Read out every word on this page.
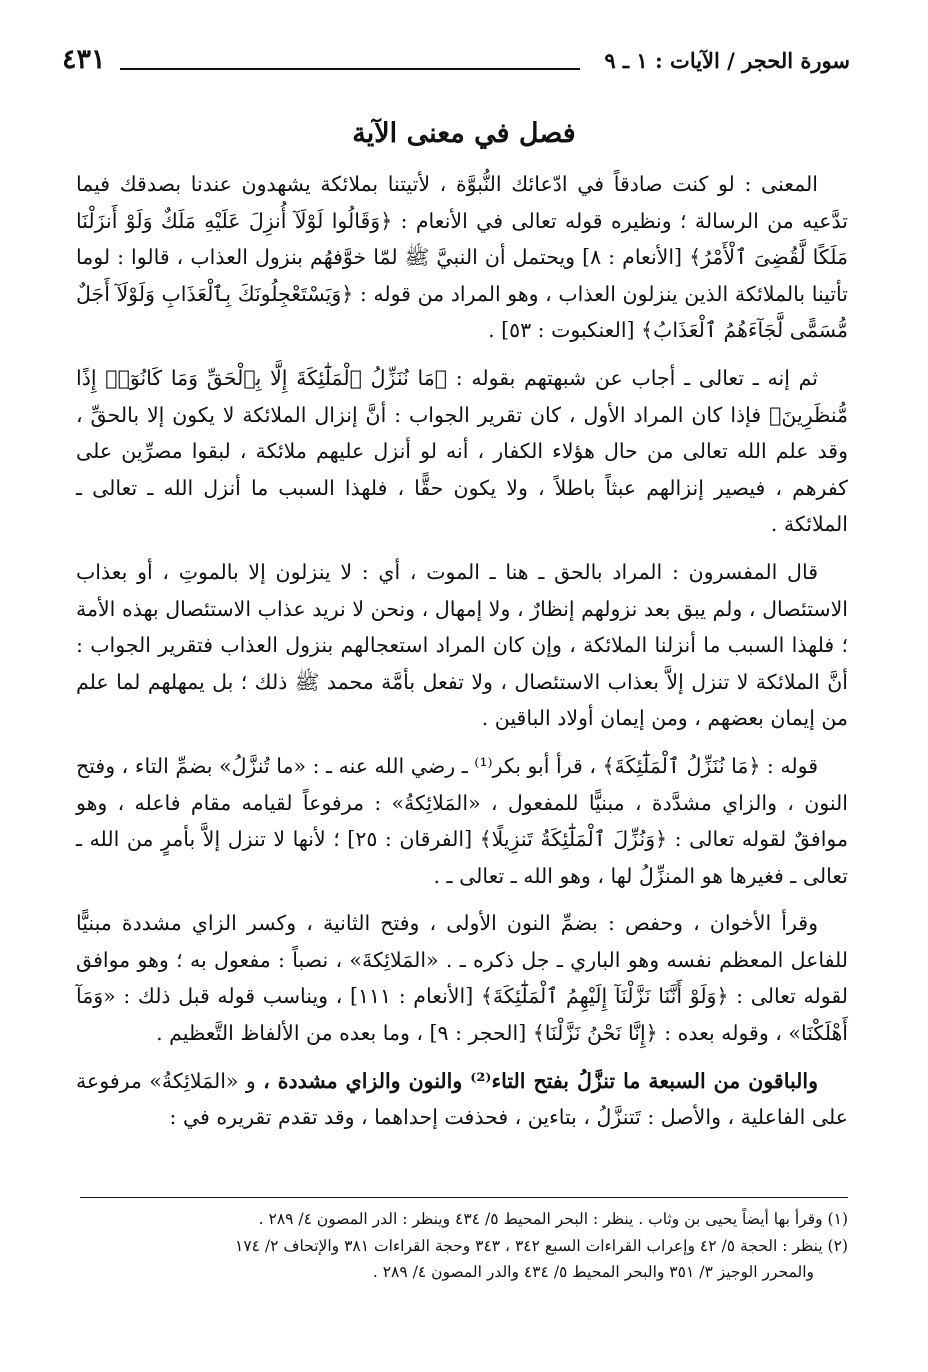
سورة الحجر / الآيات : ١ ـ ٩
٤٣١
فصل في معنى الآية

المعنى : لو كنت صادقاً في ادّعائك النُّبوَّة ، لأتيتنا بملائكة يشهدون عندنا بصدقك فيما تدَّعيه من الرسالة ؛ ونظيره قوله تعالى في الأنعام : ﴿وَقَالُوا لَوْلَآ أُنزِلَ عَلَيْهِ مَلَكٌ وَلَوْ أَنزَلْنَا مَلَكًا لَّقُضِىَ ٱلْأَمْرُ﴾ [الأنعام : ٨] ويحتمل أن النبيَّ ﷺ لمّا خوَّفهُم بنزول العذاب ، قالوا : لوما تأتينا بالملائكة الذين ينزلون العذاب ، وهو المراد من قوله : ﴿وَيَسْتَعْجِلُونَكَ بِٱلْعَذَابِ وَلَوْلَآ أَجَلٌ مُّسَمًّى لَّجَآءَهُمُ ٱلْعَذَابُ﴾ [العنكبوت : ٥٣] .

ثم إنه ـ تعالى ـ أجاب عن شبهتهم بقوله : ﴿مَا نُنَزِّلُ ٱلْمَلَٰٓئِكَةَ إِلَّا بِٱلْحَقِّ وَمَا كَانُوٓا۟ إِذًا مُّنظَرِينَ﴾ فإذا كان المراد الأول ، كان تقرير الجواب : أنَّ إنزال الملائكة لا يكون إلا بالحقِّ ، وقد علم الله تعالى من حال هؤلاء الكفار ، أنه لو أنزل عليهم ملائكة ، لبقوا مصرِّين على كفرهم ، فيصير إنزالهم عبثاً باطلاً ، ولا يكون حقًّا ، فلهذا السبب ما أنزل الله ـ تعالى ـ الملائكة .

قال المفسرون : المراد بالحق ـ هنا ـ الموت ، أي : لا ينزلون إلا بالموتِ ، أو بعذاب الاستئصال ، ولم يبق بعد نزولهم إنظارٌ ، ولا إمهال ، ونحن لا نريد عذاب الاستئصال بهذه الأمة ؛ فلهذا السبب ما أنزلنا الملائكة ، وإن كان المراد استعجالهم بنزول العذاب فتقرير الجواب : أنَّ الملائكة لا تنزل إلاَّ بعذاب الاستئصال ، ولا تفعل بأمَّة محمد ﷺ ذلك ؛ بل يمهلهم لما علم من إيمان بعضهم ، ومن إيمان أولاد الباقين .

قوله : ﴿مَا نُنَزِّلُ ٱلْمَلَٰٓئِكَةَ﴾ ، قرأ أبو بكر⁽¹⁾ ـ رضي الله عنه ـ : «ما تُنزَّلُ» بضمِّ التاء ، وفتح النون ، والزاي مشدَّدة ، مبنيًّا للمفعول ، «المَلائِكةُ» : مرفوعاً لقيامه مقام فاعله ، وهو موافقٌ لقوله تعالى : ﴿وَنُزِّلَ ٱلْمَلَٰٓئِكَةُ تَنزِيلًا﴾ [الفرقان : ٢٥] ؛ لأنها لا تنزل إلاَّ بأمرٍ من الله ـ تعالى ـ فغيرها هو المنزِّلُ لها ، وهو الله ـ تعالى ـ .

وقرأ الأخوان ، وحفص : بضمِّ النون الأولى ، وفتح الثانية ، وكسر الزاي مشددة مبنيًّا للفاعل المعظم نفسه وهو الباري ـ جل ذكره ـ . «المَلائِكةَ» ، نصباً : مفعول به ؛ وهو موافق لقوله تعالى : ﴿وَلَوْ أَنَّنَا نَزَّلْنَآ إِلَيْهِمُ ٱلْمَلَٰٓئِكَةَ﴾ [الأنعام : ١١١] ، ويناسب قوله قبل ذلك : «وَمَآ أَهْلَكْنَا» ، وقوله بعده : ﴿إِنَّا نَحْنُ نَزَّلْنَا﴾ [الحجر : ٩] ، وما بعده من الألفاظ التَّعظيم .

والباقون من السبعة ما تنزَّلُ بفتح التاء⁽²⁾ والنون والزاي مشددة ، و «المَلائِكةُ» مرفوعة على الفاعلية ، والأصل : تَتنزَّلُ ، بتاءين ، فحذفت إحداهما ، وقد تقدم تقريره في :

(١) وقرأ بها أيضاً يحيى بن وثاب . ينظر : البحر المحيط ٥/ ٤٣٤ وينظر : الدر المصون ٤/ ٢٨٩ .
(٢) ينظر : الحجة ٥/ ٤٢ وإعراب القراءات السبع ٣٤٢ ، ٣٤٣ وحجة القراءات ٣٨١ والإتحاف ٢/ ١٧٤
والمحرر الوجيز ٣/ ٣٥١ والبحر المحيط ٥/ ٤٣٤ والدر المصون ٤/ ٢٨٩ .
